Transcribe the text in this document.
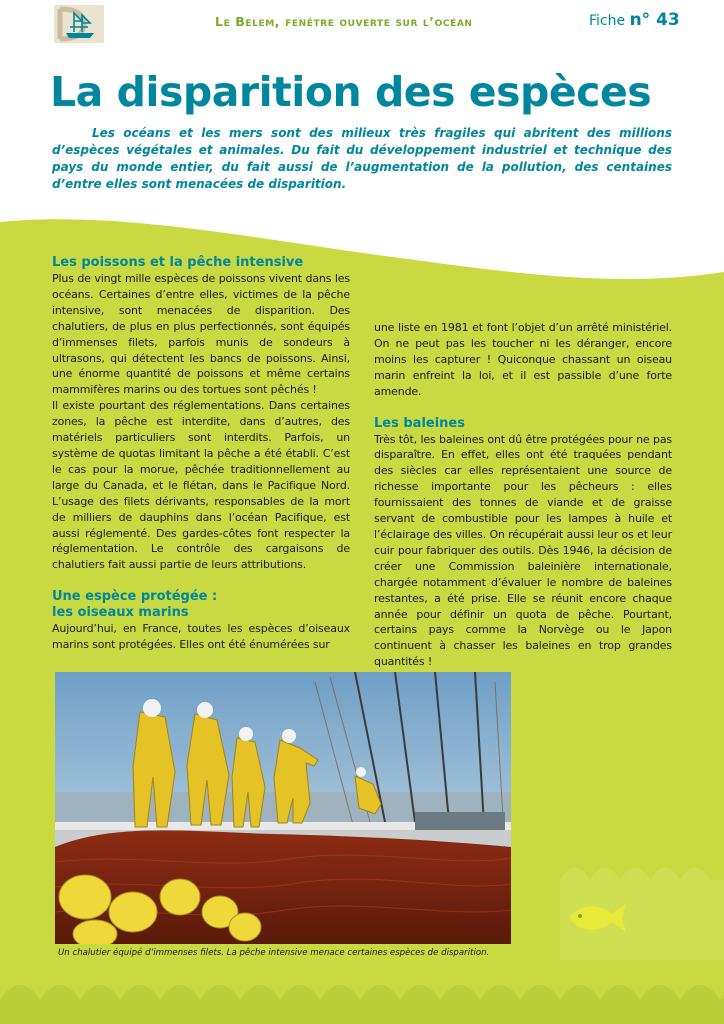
Le Belem, fenêtre ouverte sur l’océan	Fiche n° 43
La disparition des espèces

Les océans et les mers sont des milieux très fragiles qui abritent des millions d’espèces végétales et animales. Du fait du développement industriel et technique des pays du monde entier, du fait aussi de l’augmentation de la pollution, des centaines d’entre elles sont menacées de disparition.

Les poissons et la pêche intensive

Plus de vingt mille espèces de poissons vivent dans les océans. Certaines d’entre elles, victimes de la pêche intensive, sont menacées de disparition. Des chalutiers, de plus en plus perfectionnés, sont équipés d’immenses filets, parfois munis de sondeurs à ultrasons, qui détectent les bancs de poissons. Ainsi, une énorme quantité de poissons et même certains mammifères marins ou des tortues sont pêchés !

Il existe pourtant des réglementations. Dans certaines zones, la pêche est interdite, dans d’autres, des matériels particuliers sont interdits. Parfois, un système de quotas limitant la pêche a été établi. C’est le cas pour la morue, pêchée traditionnellement au large du Canada, et le flétan, dans le Pacifique Nord. L’usage des filets dérivants, responsables de la mort de milliers de dauphins dans l’océan Pacifique, est aussi réglementé. Des gardes-côtes font respecter la réglementation. Le contrôle des cargaisons de chalutiers fait aussi partie de leurs attributions.

Une espèce protégée :
les oiseaux marins

Aujourd’hui, en France, toutes les espèces d’oiseaux marins sont protégées. Elles ont été énumérées sur

une liste en 1981 et font l’objet d’un arrêté ministériel. On ne peut pas les toucher ni les déranger, encore moins les capturer ! Quiconque chassant un oiseau marin enfreint la loi, et il est passible d’une forte amende.

Les baleines

Très tôt, les baleines ont dû être protégées pour ne pas disparaître. En effet, elles ont été traquées pendant des siècles car elles représentaient une source de richesse importante pour les pêcheurs : elles fournissaient des tonnes de viande et de graisse servant de combustible pour les lampes à huile et l’éclairage des villes. On récupérait aussi leur os et leur cuir pour fabriquer des outils. Dès 1946, la décision de créer une Commission baleinière internationale, chargée notamment d’évaluer le nombre de baleines restantes, a été prise. Elle se réunit encore chaque année pour définir un quota de pêche. Pourtant, certains pays comme la Norvège ou le Japon continuent à chasser les baleines en trop grandes quantités !

Un chalutier équipé d’immenses filets. La pêche intensive menace certaines espèces de disparition.
